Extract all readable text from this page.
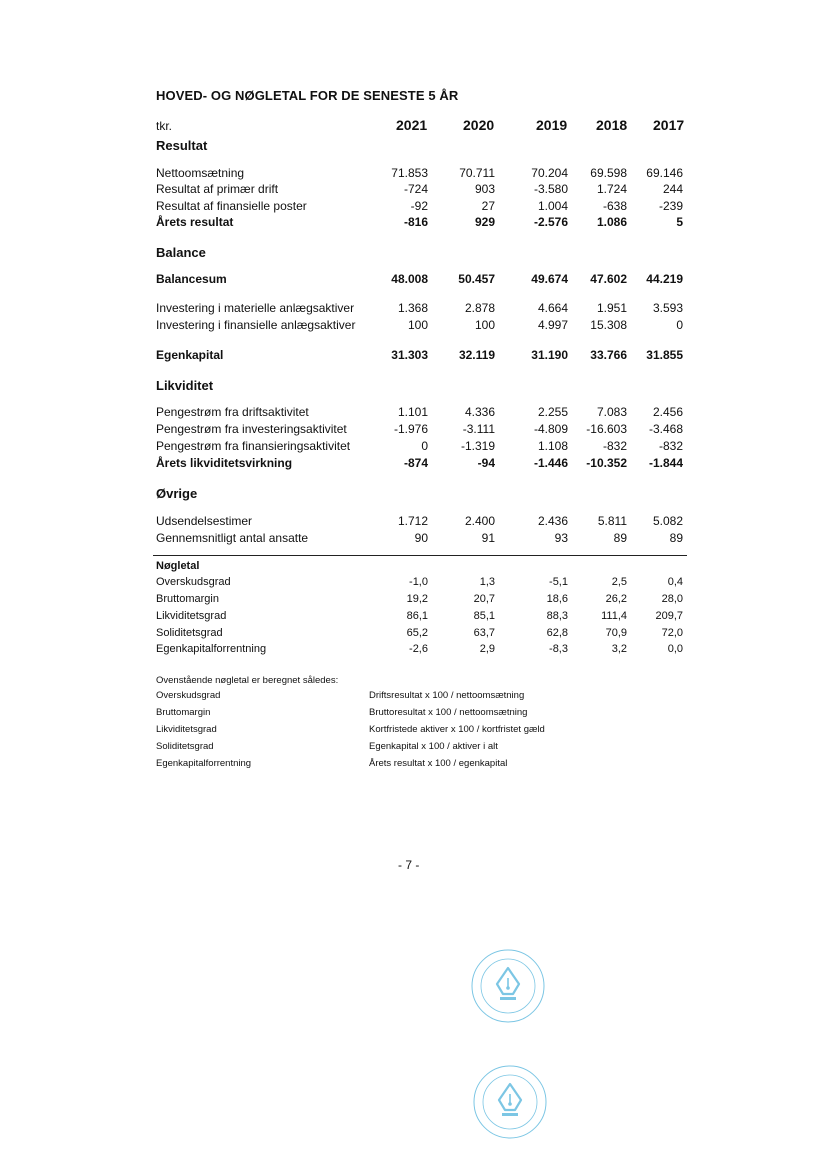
HOVED- OG NØGLETAL FOR DE SENESTE 5 ÅR
tkr.	2021	2020	2019 2018 2017
Resultat
Nettoomsætning	71.853	70.711	70.204 69.598 69.146
Resultat af primær drift	-724	903	-3.580 1.724	244
Resultat af finansielle poster	-92	27	1.004	-638	-239
Årets resultat	-816	929	-2.576 1.086	5
Balancesum	48.008	50.457	49.674 47.602 44.219
Investering i materielle anlægsaktiver	1.368	2.878	4.664 1.951 3.593
Investering i finansielle anlægsaktiver	100	100	4.997 15.308	0
Egenkapital	31.303	32.119	31.190 33.766 31.855
Pengestrøm fra driftsaktivitet	1.101	4.336	2.255 7.083 2.456
Pengestrøm fra investeringsaktivitet	-1.976	-3.111	-4.809 -16.603 -3.468
Pengestrøm fra finansieringsaktivitet	0	-1.319	1.108	-832	-832
Årets likviditetsvirkning	-874	-94	-1.446 -10.352 -1.844
Udsendelsestimer	1.712	2.400	2.436 5.811 5.082
Gennemsnitligt antal ansatte	90	91	93	89	89
Overskudsgrad	-1,0	1,3	-5,1	2,5	0,4
Bruttomargin	19,2	20,7	18,6	26,2	28,0
Likviditetsgrad	86,1	85,1	88,3	111,4	209,7
Soliditetsgrad	65,2	63,7	62,8	70,9	72,0
Egenkapitalforrentning	-2,6	2,9	-8,3	3,2	0,0
Balance
Likviditet
Øvrige
Nøgletal
Ovenstående nøgletal er beregnet således:
Overskudsgrad	Driftsresultat x 100 / nettoomsætning
Bruttomargin	Bruttoresultat x 100 / nettoomsætning
Likviditetsgrad	Kortfristede aktiver x 100 / kortfristet gæld
Soliditetsgrad	Egenkapital x 100 / aktiver i alt
Egenkapitalforrentning	Årets resultat x 100 / egenkapital
- 7 -
